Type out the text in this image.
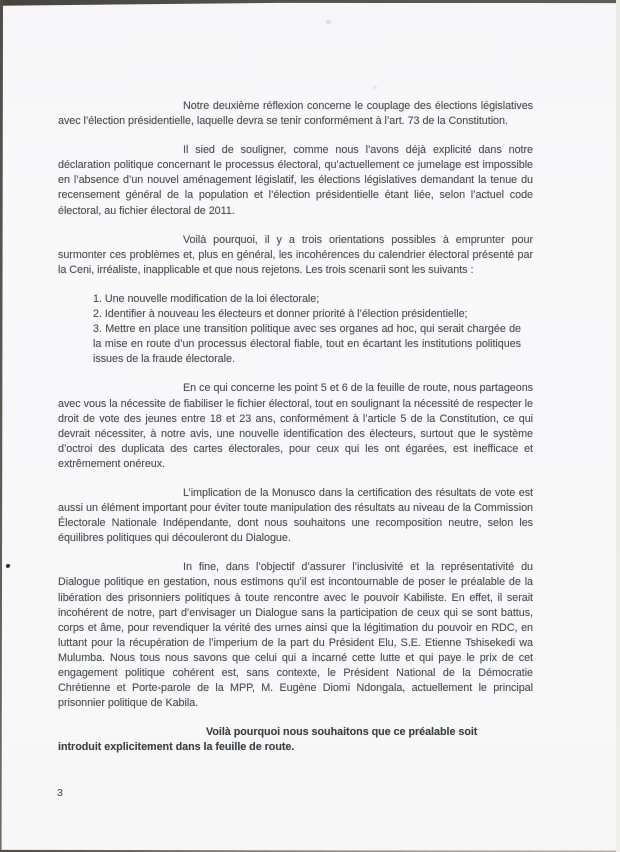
Notre deuxième réflexion concerne le couplage des élections législatives avec l’élection présidentielle, laquelle devra se tenir conformément à l’art. 73 de la Constitution.

Il sied de souligner, comme nous l’avons déjà explicité dans notre déclaration politique concernant le processus électoral, qu’actuellement ce jumelage est impossible en l’absence d’un nouvel aménagement législatif, les élections législatives demandant la tenue du recensement général de la population et l’élection présidentielle étant liée, selon l’actuel code électoral, au fichier électoral de 2011.

Voilà pourquoi, il y a trois orientations possibles à emprunter pour surmonter ces problèmes et, plus en général, les incohérences du calendrier électoral présenté par la Ceni, irréaliste, inapplicable et que nous rejetons. Les trois scenarii sont les suivants :

1. Une nouvelle modification de la loi électorale;

2. Identifier à nouveau les électeurs et donner priorité à l’élection présidentielle;

3. Mettre en place une transition politique avec ses organes ad hoc, qui serait chargée de la mise en route d’un processus électoral fiable, tout en écartant les institutions politiques issues de la fraude électorale.

En ce qui concerne les point 5 et 6 de la feuille de route, nous partageons avec vous la nécessite de fiabiliser le fichier électoral, tout en soulignant la nécessité de respecter le droit de vote des jeunes entre 18 et 23 ans, conformément à l’article 5 de la Constitution, ce qui devrait nécessiter, à notre avis, une nouvelle identification des électeurs, surtout que le système d’octroi des duplicata des cartes électorales, pour ceux qui les ont égarées, est inefficace et extrêmement onéreux.

L’implication de la Monusco dans la certification des résultats de vote est aussi un élément important pour éviter toute manipulation des résultats au niveau de la Commission Électorale Nationale Indépendante, dont nous souhaitons une recomposition neutre, selon les équilibres politiques qui découleront du Dialogue.

In fine, dans l’objectif d’assurer l’inclusivité et la représentativité du Dialogue politique en gestation, nous estimons qu’il est incontournable de poser le préalable de la libération des prisonniers politiques à toute rencontre avec le pouvoir Kabiliste. En effet, il serait incohérent de notre, part d’envisager un Dialogue sans la participation de ceux qui se sont battus, corps et âme, pour revendiquer la vérité des urnes ainsi que la légitimation du pouvoir en RDC, en luttant pour la récupération de l’imperium de la part du Président Elu, S.E. Etienne Tshisekedi wa Mulumba. Nous tous nous savons que celui qui a incarné cette lutte et qui paye le prix de cet engagement politique cohérent est, sans contexte, le Président National de la Démocratie Chrétienne et Porte-parole de la MPP, M. Eugène Diomi Ndongala, actuellement le principal prisonnier politique de Kabila.

Voilà pourquoi nous souhaitons que ce préalable soit
introduit explicitement dans la feuille de route.

3
